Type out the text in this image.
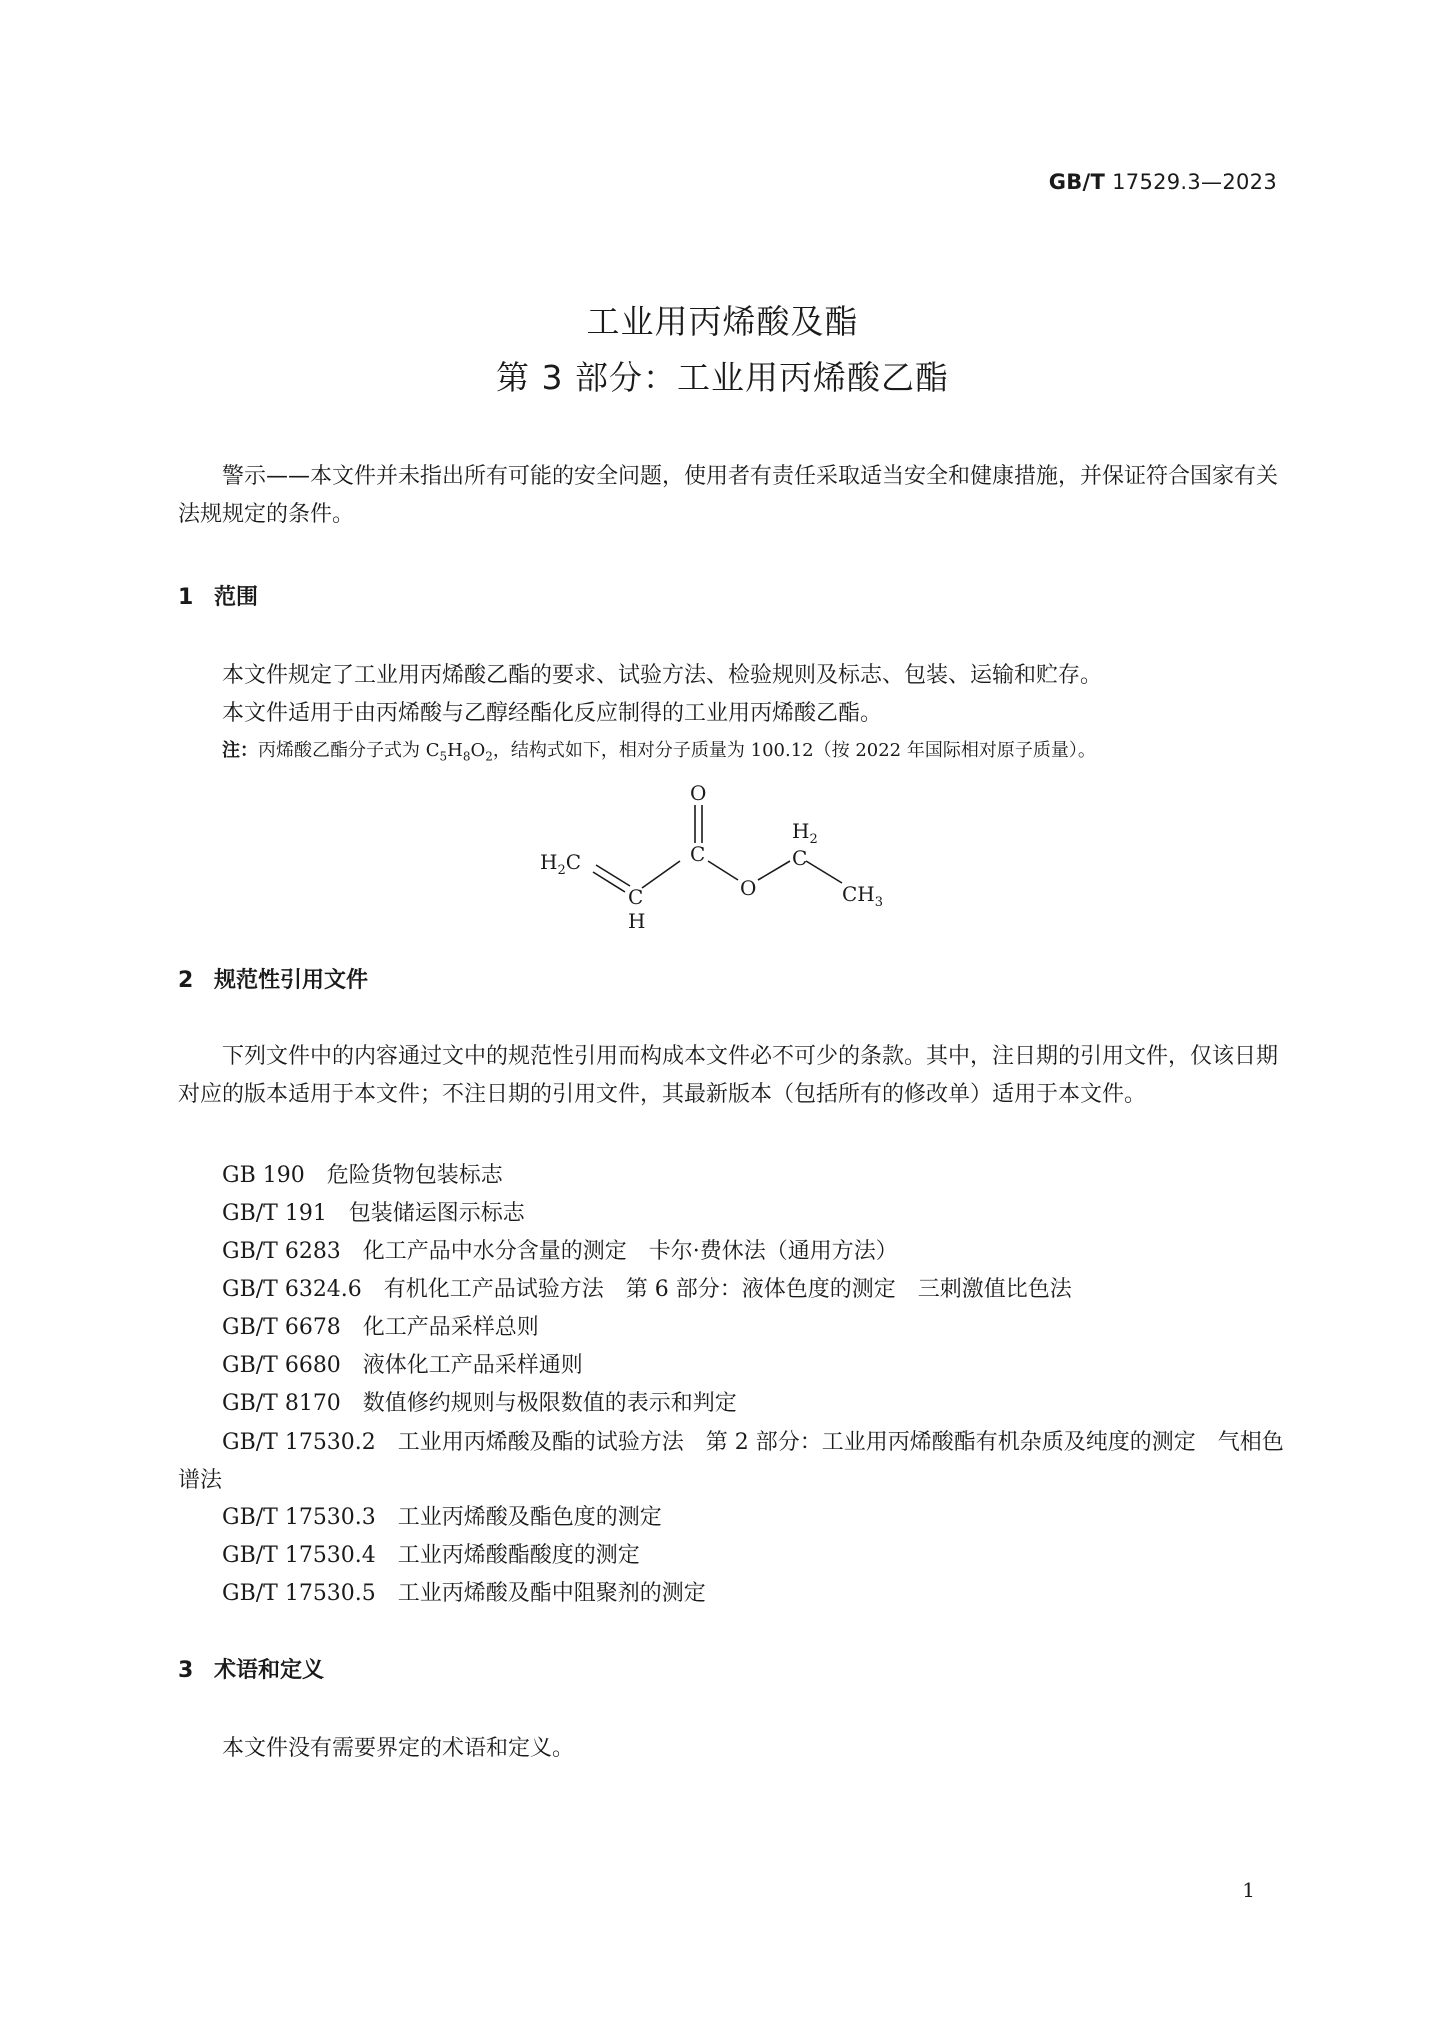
GB/T 17529.3—2023
工业用丙烯酸及酯
第 3 部分：工业用丙烯酸乙酯
警示——本文件并未指出所有可能的安全问题，使用者有责任采取适当安全和健康措施，并保证符合国家有关法规规定的条件。
1 范围
本文件规定了工业用丙烯酸乙酯的要求、试验方法、检验规则及标志、包装、运输和贮存。
本文件适用于由丙烯酸与乙醇经酯化反应制得的工业用丙烯酸乙酯。
注：丙烯酸乙酯分子式为 $C_5H_8O_2$，结构式如下，相对分子质量为 100.12（按 2022 年国际相对原子质量）。
O
$H_2C$
C
H
C
O
$H_2$
C
$CH_3$
2 规范性引用文件
下列文件中的内容通过文中的规范性引用而构成本文件必不可少的条款。其中，注日期的引用文件，仅该日期对应的版本适用于本文件；不注日期的引用文件，其最新版本（包括所有的修改单）适用于本文件。
GB 190　危险货物包装标志
GB/T 191　包装储运图示标志
GB/T 6283　化工产品中水分含量的测定　卡尔·费休法（通用方法）
GB/T 6324.6　有机化工产品试验方法　第 6 部分：液体色度的测定　三刺激值比色法
GB/T 6678　化工产品采样总则
GB/T 6680　液体化工产品采样通则
GB/T 8170　数值修约规则与极限数值的表示和判定
GB/T 17530.2　工业用丙烯酸及酯的试验方法　第 2 部分：工业用丙烯酸酯有机杂质及纯度的测定　气相色谱法
GB/T 17530.3　工业丙烯酸及酯色度的测定
GB/T 17530.4　工业丙烯酸酯酸度的测定
GB/T 17530.5　工业丙烯酸及酯中阻聚剂的测定
3 术语和定义
本文件没有需要界定的术语和定义。
1
